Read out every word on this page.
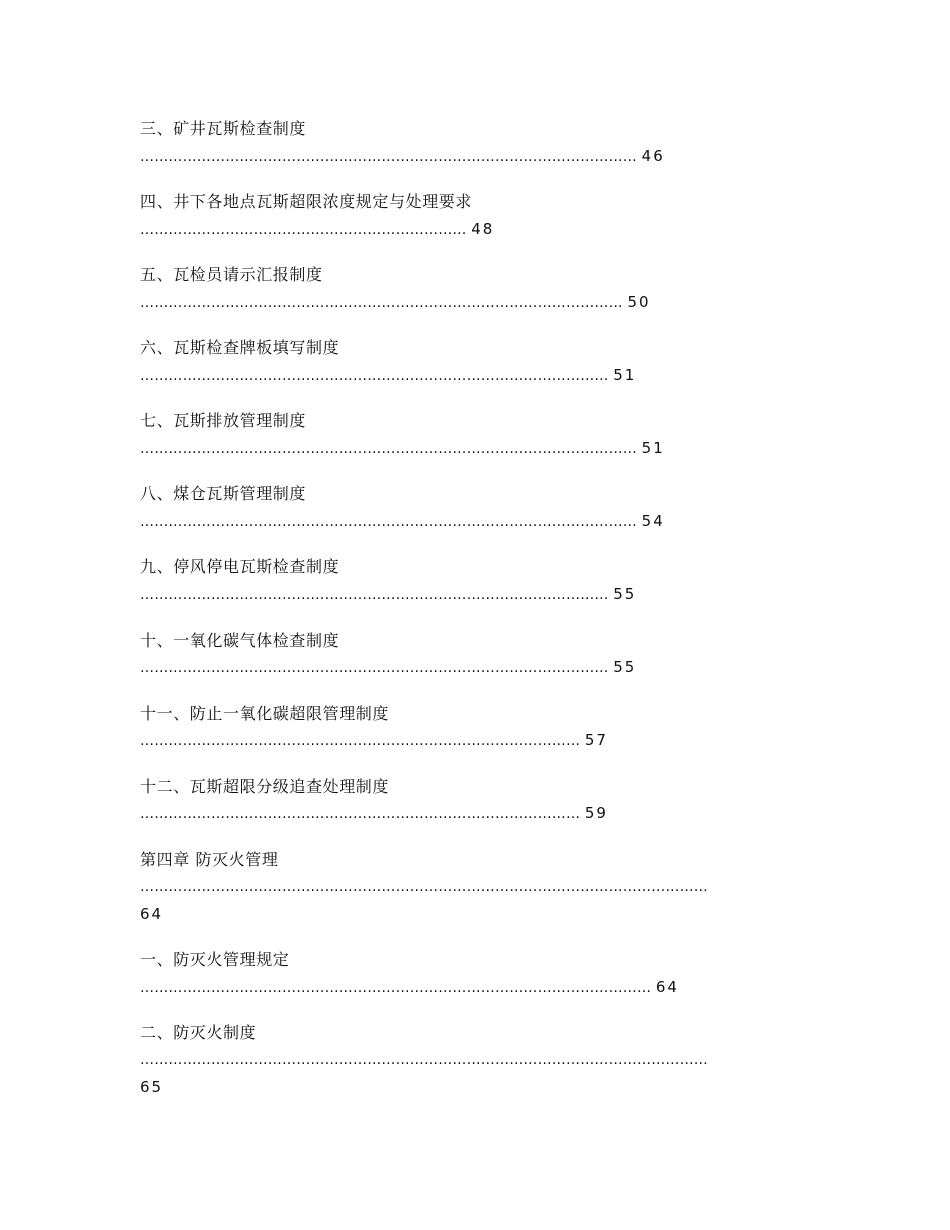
三、矿井瓦斯检查制度
…………………………………………………………………………………………… 46
四、井下各地点瓦斯超限浓度规定与处理要求
…………………………………………………………… 48
五、瓦检员请示汇报制度
………………………………………………………………………………………… 50
六、瓦斯检查牌板填写制度
……………………………………………………………………………………… 51
七、瓦斯排放管理制度
…………………………………………………………………………………………… 51
八、煤仓瓦斯管理制度
…………………………………………………………………………………………… 54
九、停风停电瓦斯检查制度
……………………………………………………………………………………… 55
十、一氧化碳气体检查制度
……………………………………………………………………………………… 55
十一、防止一氧化碳超限管理制度
………………………………………………………………………………… 57
十二、瓦斯超限分级追查处理制度
………………………………………………………………………………… 59
第四章 防灭火管理
…………………………………………………………………………………………………………
64
一、防灭火管理规定
……………………………………………………………………………………………… 64
二、防灭火制度
…………………………………………………………………………………………………………
65
